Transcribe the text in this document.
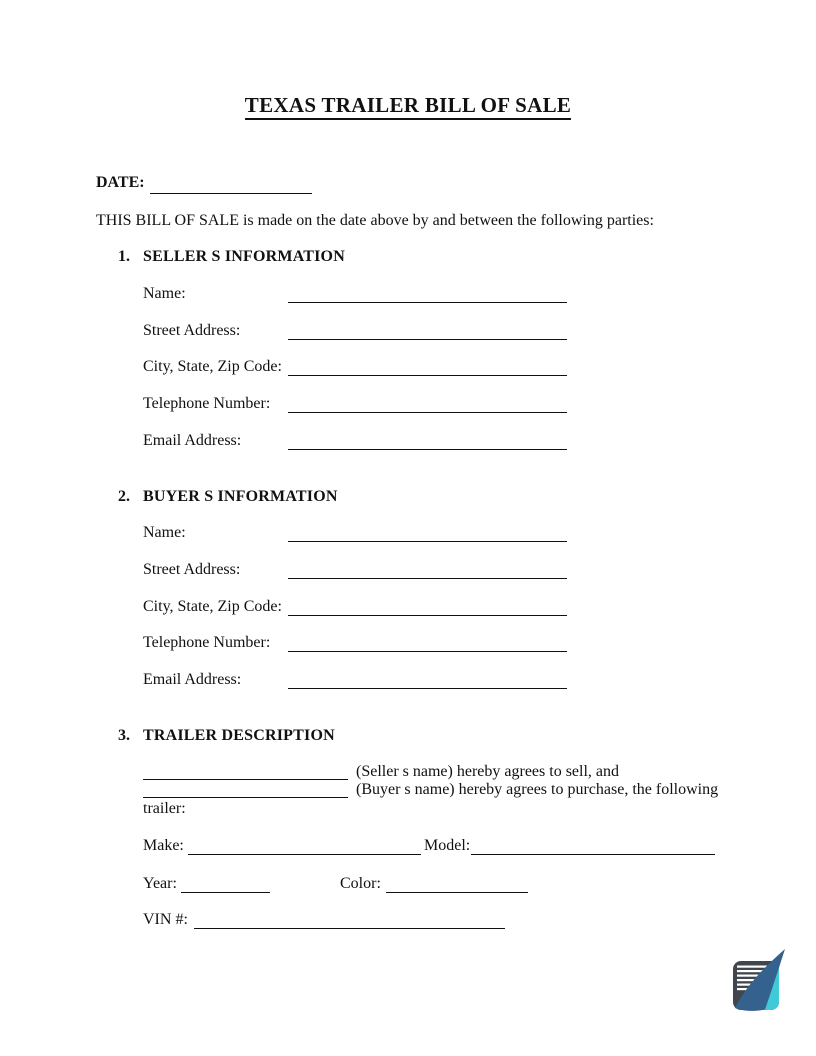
TEXAS TRAILER BILL OF SALE
DATE:
THIS BILL OF SALE is made on the date above by and between the following parties:
1. SELLER S INFORMATION
Name:
Street Address:
City, State, Zip Code:
Telephone Number:
Email Address:
2. BUYER S INFORMATION
Name:
Street Address:
City, State, Zip Code:
Telephone Number:
Email Address:
3. TRAILER DESCRIPTION
(Seller s name) hereby agrees to sell, and
(Buyer s name) hereby agrees to purchase, the following
trailer:
Make:	Model:
Year:	Color:
VIN #:
